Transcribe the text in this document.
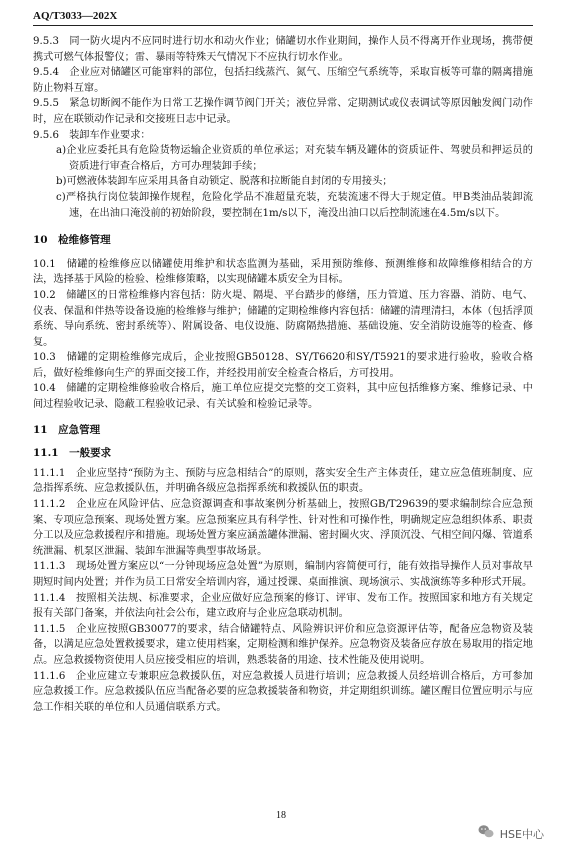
AQ/T3033—202X

9.5.3　同一防火堤内不应同时进行切水和动火作业；储罐切水作业期间，操作人员不得离开作业现场，携带便携式可燃气体报警仪；雷、暴雨等特殊天气情况下不应执行切水作业。

9.5.4　企业应对储罐区可能窜料的部位，包括扫线蒸汽、氮气、压缩空气系统等，采取盲板等可靠的隔离措施防止物料互窜。

9.5.5　紧急切断阀不能作为日常工艺操作调节阀门开关；液位异常、定期测试或仪表调试等原因触发阀门动作时，应在联锁动作记录和交接班日志中记录。

9.5.6　装卸车作业要求：

a)企业应委托具有危险货物运输企业资质的单位承运；对充装车辆及罐体的资质证件、驾驶员和押运员的资质进行审查合格后，方可办理装卸手续；

b)可燃液体装卸车应采用具备自动锁定、脱落和拉断能自封闭的专用接头；

c)严格执行岗位装卸操作规程，危险化学品不准超量充装，充装流速不得大于规定值。甲B类油品装卸流速，在出油口淹没前的初始阶段，要控制在1m/s以下，淹没出油口以后控制流速在4.5m/s以下。

10　检维修管理

10.1　储罐的检维修应以储罐使用维护和状态监测为基础，采用预防维修、预测维修和故障维修相结合的方法，选择基于风险的检验、检维修策略，以实现储罐本质安全为目标。

10.2　储罐区的日常检维修内容包括：防火堤、隔堤、平台踏步的修缮，压力管道、压力容器、消防、电气、仪表、保温和伴热等设备设施的检维修与维护；储罐的定期检维修内容包括：储罐的清理清扫，本体（包括浮顶系统、导向系统、密封系统等）、附属设备、电仪设施、防腐隔热措施、基础设施、安全消防设施等的检查、修复。

10.3　储罐的定期检维修完成后，企业按照GB50128、SY/T6620和SY/T5921的要求进行验收，验收合格后，做好检维修向生产的界面交接工作，并经投用前安全检查合格后，方可投用。

10.4　储罐的定期检维修验收合格后，施工单位应提交完整的交工资料，其中应包括维修方案、维修记录、中间过程验收记录、隐蔽工程验收记录、有关试验和检验记录等。

11　应急管理
11.1　一般要求

11.1.1　企业应坚持“预防为主、预防与应急相结合”的原则，落实安全生产主体责任，建立应急值班制度、应急指挥系统、应急救援队伍，并明确各级应急指挥系统和救援队伍的职责。

11.1.2　企业应在风险评估、应急资源调查和事故案例分析基础上，按照GB/T29639的要求编制综合应急预案、专项应急预案、现场处置方案。应急预案应具有科学性、针对性和可操作性，明确规定应急组织体系、职责分工以及应急救援程序和措施。现场处置方案应涵盖罐体泄漏、密封圈火灾、浮顶沉没、气相空间闪爆、管道系统泄漏、机泵区泄漏、装卸车泄漏等典型事故场景。

11.1.3　现场处置方案应以“一分钟现场应急处置”为原则，编制内容简便可行，能有效指导操作人员对事故早期短时间内处置；并作为员工日常安全培训内容，通过授课、桌面推演、现场演示、实战演练等多种形式开展。

11.1.4　按照相关法规、标准要求，企业应做好应急预案的修订、评审、发布工作。按照国家和地方有关规定报有关部门备案，并依法向社会公布，建立政府与企业应急联动机制。

11.1.5　企业应按照GB30077的要求，结合储罐特点、风险辨识评价和应急资源评估等，配备应急物资及装备，以满足应急处置救援要求，建立使用档案，定期检测和维护保养。应急物资及装备应存放在易取用的指定地点。应急救援物资使用人员应接受相应的培训，熟悉装备的用途、技术性能及使用说明。

11.1.6　企业应建立专兼职应急救援队伍，对应急救援人员进行培训；应急救援人员经培训合格后，方可参加应急救援工作。应急救援队伍应当配备必要的应急救援装备和物资，并定期组织训练。罐区醒目位置应明示与应急工作相关联的单位和人员通信联系方式。

18
HSE中心
